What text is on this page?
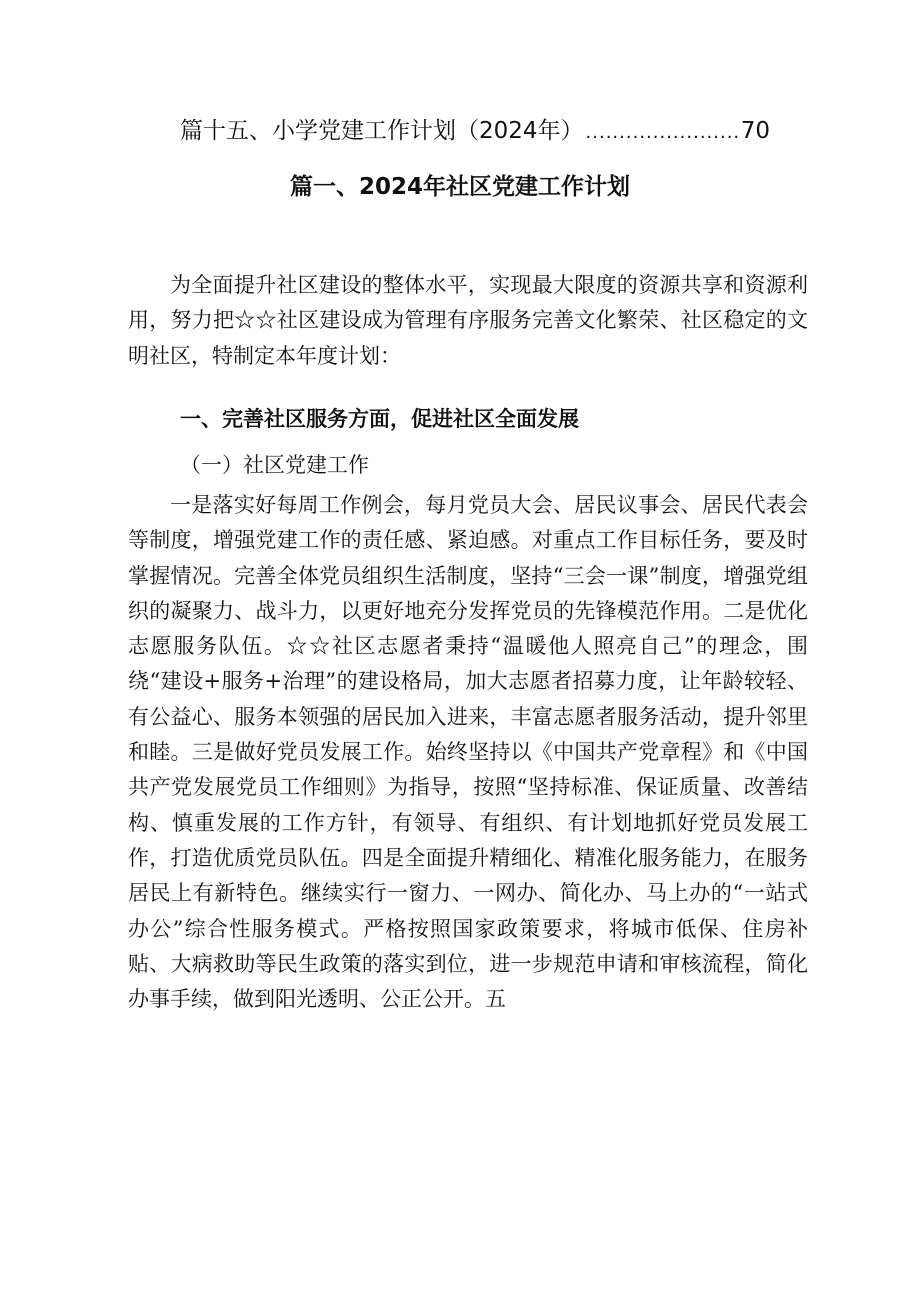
篇十五、小学党建工作计划（2024年）
.....	70
篇一、2024年社区党建工作计划

为全面提升社区建设的整体水平，实现最大限度的资源共享和资源利用，努力把☆☆社区建设成为管理有序服务完善文化繁荣、社区稳定的文明社区，特制定本年度计划：

一、完善社区服务方面，促进社区全面发展

（一）社区党建工作

一是落实好每周工作例会，每月党员大会、居民议事会、居民代表会等制度，增强党建工作的责任感、紧迫感。对重点工作目标任务，要及时掌握情况。完善全体党员组织生活制度，坚持“三会一课”制度，增强党组织的凝聚力、战斗力，以更好地充分发挥党员的先锋模范作用。二是优化志愿服务队伍。☆☆社区志愿者秉持“温暖他人照亮自己”的理念，围绕“建设+服务+治理”的建设格局，加大志愿者招募力度，让年龄较轻、有公益心、服务本领强的居民加入进来，丰富志愿者服务活动，提升邻里和睦。三是做好党员发展工作。始终坚持以《中国共产党章程》和《中国共产党发展党员工作细则》为指导，按照“坚持标准、保证质量、改善结构、慎重发展的工作方针，有领导、有组织、有计划地抓好党员发展工作，打造优质党员队伍。四是全面提升精细化、精准化服务能力，在服务居民上有新特色。继续实行一窗力、一网办、简化办、马上办的“一站式办公”综合性服务模式。严格按照国家政策要求，将城市低保、住房补贴、大病救助等民生政策的落实到位，进一步规范申请和审核流程，简化办事手续，做到阳光透明、公正公开。五
